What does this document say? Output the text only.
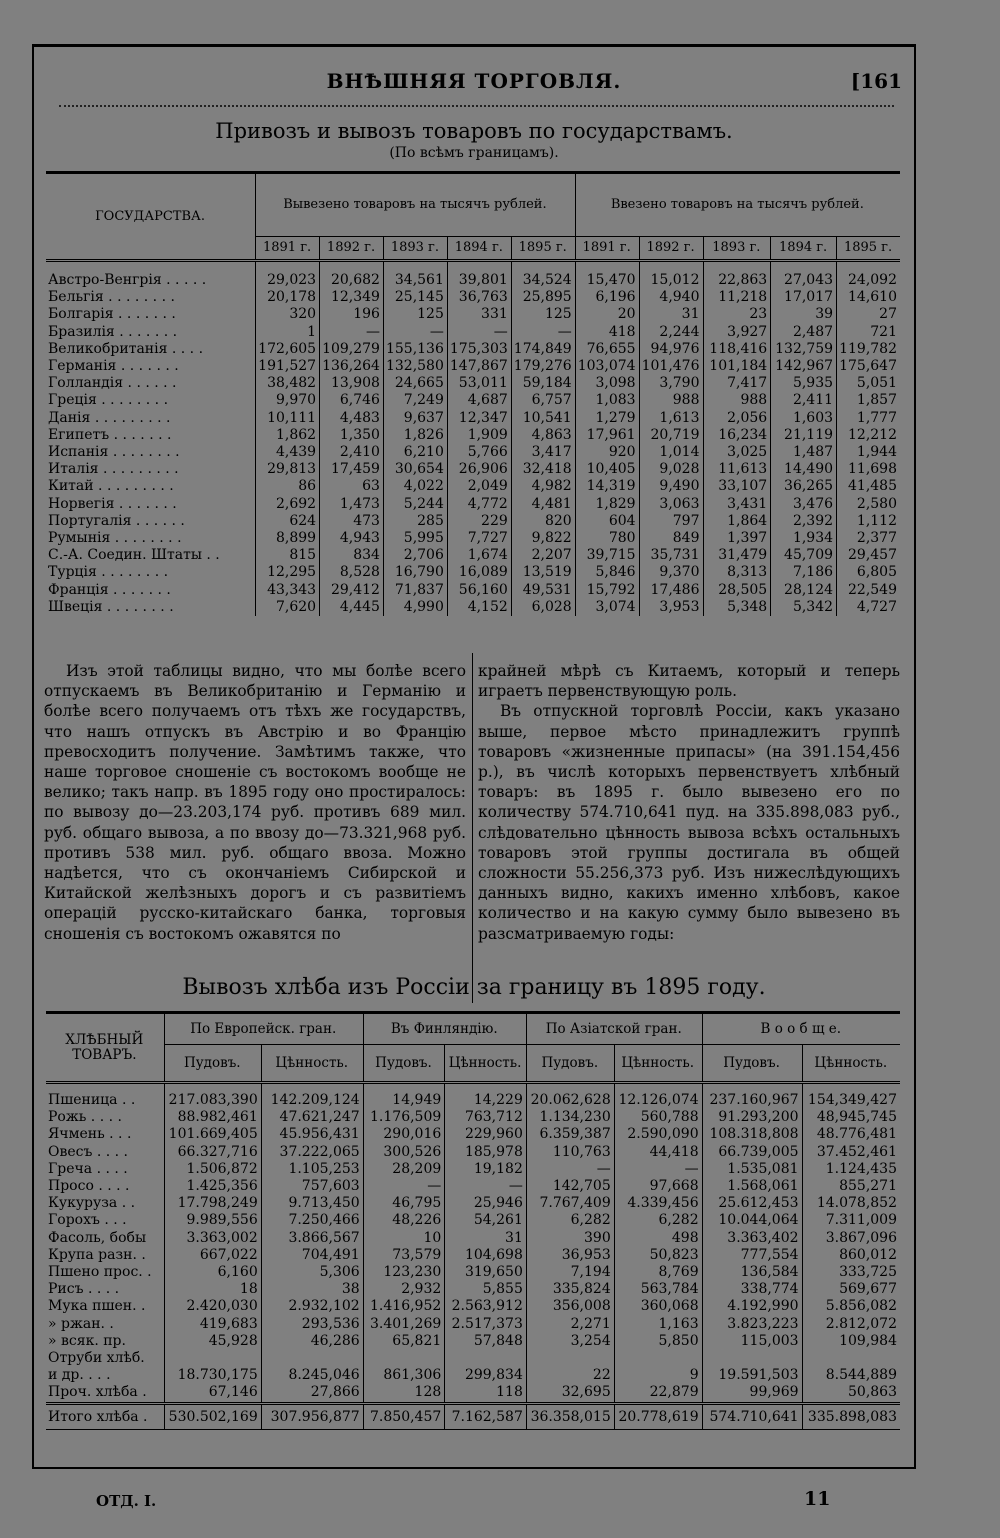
ВНѢШНЯЯ ТОРГОВЛЯ.	[161
Привозъ и вывозъ товаровъ по государствамъ.
(По всѣмъ границамъ).
ГОСУДАРСТВА.	Вывезено товаровъ на тысячъ рублей.					Ввезено товаровъ на тысячъ рублей.				
	1891 г.	1892 г.	1893 г.	1894 г.	1895 г.	1891 г.	1892 г.	1893 г.	1894 г.	1895 г.
Австро-Венгрія . . . . .	29,023	20,682	34,561	39,801	34,524	15,470	15,012	22,863	27,043	24,092
Бельгія . . . . . . . .	20,178	12,349	25,145	36,763	25,895	6,196	4,940	11,218	17,017	14,610
Болгарія . . . . . . .	320	196	125	331	125	20	31	23	39	27
Бразилія . . . . . . .	1	—	—	—	—	418	2,244	3,927	2,487	721
Великобританія . . . .	172,605	109,279	155,136	175,303	174,849	76,655	94,976	118,416	132,759	119,782
Германія . . . . . . .	191,527	136,264	132,580	147,867	179,276	103,074	101,476	101,184	142,967	175,647
Голландія . . . . . .	38,482	13,908	24,665	53,011	59,184	3,098	3,790	7,417	5,935	5,051
Греція . . . . . . . .	9,970	6,746	7,249	4,687	6,757	1,083	988	988	2,411	1,857
Данія . . . . . . . . .	10,111	4,483	9,637	12,347	10,541	1,279	1,613	2,056	1,603	1,777
Египетъ . . . . . . .	1,862	1,350	1,826	1,909	4,863	17,961	20,719	16,234	21,119	12,212
Испанія . . . . . . . .	4,439	2,410	6,210	5,766	3,417	920	1,014	3,025	1,487	1,944
Италія . . . . . . . . .	29,813	17,459	30,654	26,906	32,418	10,405	9,028	11,613	14,490	11,698
Китай . . . . . . . . .	86	63	4,022	2,049	4,982	14,319	9,490	33,107	36,265	41,485
Норвегія . . . . . . .	2,692	1,473	5,244	4,772	4,481	1,829	3,063	3,431	3,476	2,580
Португалія . . . . . .	624	473	285	229	820	604	797	1,864	2,392	1,112
Румынія . . . . . . . .	8,899	4,943	5,995	7,727	9,822	780	849	1,397	1,934	2,377
С.-А. Соедин. Штаты . .	815	834	2,706	1,674	2,207	39,715	35,731	31,479	45,709	29,457
Турція . . . . . . . .	12,295	8,528	16,790	16,089	13,519	5,846	9,370	8,313	7,186	6,805
Франція . . . . . . .	43,343	29,412	71,837	56,160	49,531	15,792	17,486	28,505	28,124	22,549
Швеція . . . . . . . .	7,620	4,445	4,990	4,152	6,028	3,074	3,953	5,348	5,342	4,727
Изъ этой таблицы видно, что мы болѣе всего отпускаемъ въ Великобританію и Германію и болѣе всего получаемъ отъ тѣхъ же государствъ, что нашъ отпускъ въ Австрію и во Францію превосходитъ получение. Замѣтимъ также, что наше торговое сношеніе съ востокомъ вообще не велико; такъ напр. въ 1895 году оно простиралось: по вывозу до—23.203,174 руб. противъ 689 мил. руб. общаго вывоза, а по ввозу до—73.321,968 руб. противъ 538 мил. руб. общаго ввоза. Можно надѣется, что съ окончаніемъ Сибирской и Китайской желѣзныхъ дорогъ и съ развитіемъ операцій русско-китайскаго банка, торговыя сношенія съ востокомъ ожавятся по
крайней мѣрѣ съ Китаемъ, который и теперь играетъ первенствующую роль.
Въ отпускной торговлѣ Россіи, какъ указано выше, первое мѣсто принадлежитъ группѣ товаровъ «жизненные припасы» (на 391.154,456 р.), въ числѣ которыхъ первенствуетъ хлѣбный товаръ: въ 1895 г. было вывезено его по количеству 574.710,641 пуд. на 335.898,083 руб., слѣдовательно цѣнность вывоза всѣхъ остальныхъ товаровъ этой группы достигала въ общей сложности 55.256,373 руб. Изъ нижеслѣдующихъ данныхъ видно, какихъ именно хлѣбовъ, какое количество и на какую сумму было вывезено въ разсматриваемую годы:
Вывозъ хлѣба изъ Россіи за границу въ 1895 году.
ХЛѢБНЫЙ ТОВАРЪ.	По Европейск. гран.		Въ Финляндію.		По Азіатской гран.		В о о б щ е.	
	Пудовъ.	Цѣнность.	Пудовъ.	Цѣнность.	Пудовъ.	Цѣнность.	Пудовъ.	Цѣнность.
Пшеница . .	217.083,390	142.209,124	14,949	14,229	20.062,628	12.126,074	237.160,967	154,349,427
Рожь . . . .	88.982,461	47.621,247	1.176,509	763,712	1.134,230	560,788	91.293,200	48,945,745
Ячмень . . .	101.669,405	45.956,431	290,016	229,960	6.359,387	2.590,090	108.318,808	48.776,481
Овесъ . . . .	66.327,716	37.222,065	300,526	185,978	110,763	44,418	66.739,005	37.452,461
Греча . . . .	1.506,872	1.105,253	28,209	19,182	—	—	1.535,081	1.124,435
Просо . . . .	1.425,356	757,603	—	—	142,705	97,668	1.568,061	855,271
Кукуруза . .	17.798,249	9.713,450	46,795	25,946	7.767,409	4.339,456	25.612,453	14.078,852
Горохъ . . .	9.989,556	7.250,466	48,226	54,261	6,282	6,282	10.044,064	7.311,009
Фасоль, бобы	3.363,002	3.866,567	10	31	390	498	3.363,402	3.867,096
Крупа разн. .	667,022	704,491	73,579	104,698	36,953	50,823	777,554	860,012
Пшено прос. .	6,160	5,306	123,230	319,650	7,194	8,769	136,584	333,725
Рисъ . . . .	18	38	2,932	5,855	335,824	563,784	338,774	569,677
Мука пшен. .	2.420,030	2.932,102	1.416,952	2.563,912	356,008	360,068	4.192,990	5.856,082
» ржан. .	419,683	293,536	3.401,269	2.517,373	2,271	1,163	3.823,223	2.812,072
» всяк. пр.	45,928	46,286	65,821	57,848	3,254	5,850	115,003	109,984
Отруби хлѣб.								
и др. . . .	18.730,175	8.245,046	861,306	299,834	22	9	19.591,503	8.544,889
Проч. хлѣба .	67,146	27,866	128	118	32,695	22,879	99,969	50,863
Итого хлѣба .	530.502,169	307.956,877	7.850,457	7.162,587	36.358,015	20.778,619	574.710,641	335.898,083
ОТД. I.	11
